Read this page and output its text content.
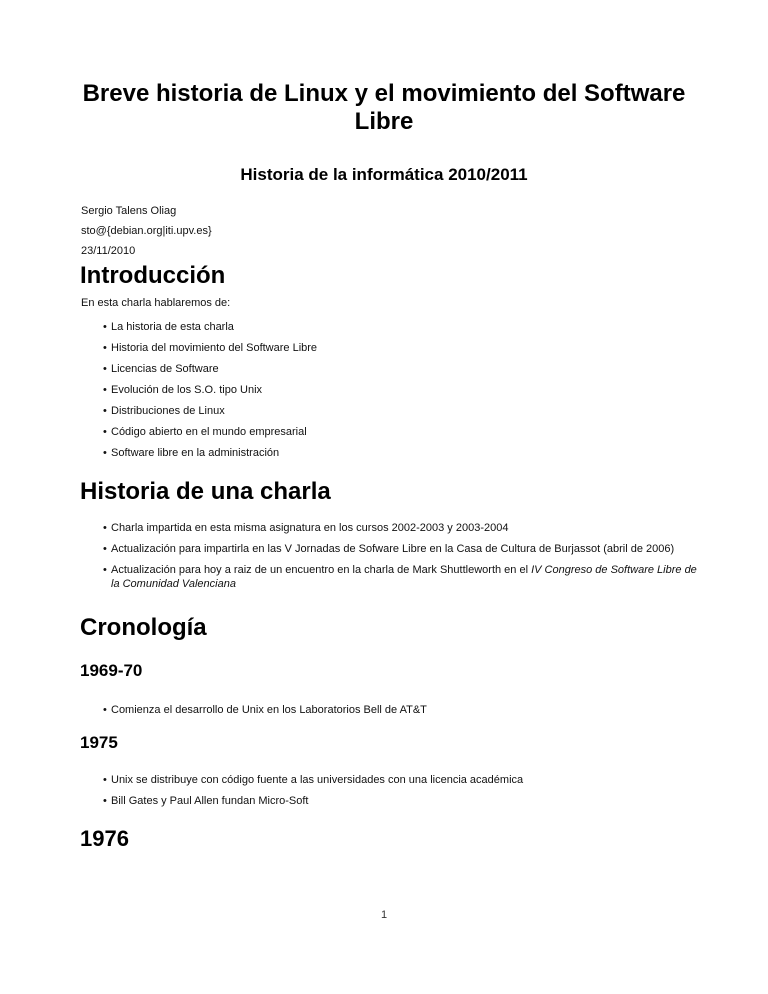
Breve historia de Linux y el movimiento del Software Libre
Historia de la informática 2010/2011
Sergio Talens Oliag
sto@{debian.org|iti.upv.es}
23/11/2010
Introducción
En esta charla hablaremos de:
• La historia de esta charla
• Historia del movimiento del Software Libre
• Licencias de Software
• Evolución de los S.O. tipo Unix
• Distribuciones de Linux
• Código abierto en el mundo empresarial
• Software libre en la administración
Historia de una charla
• Charla impartida en esta misma asignatura en los cursos 2002-2003 y 2003-2004
• Actualización para impartirla en las V Jornadas de Sofware Libre en la Casa de Cultura de Burjassot (abril de 2006)
• Actualización para hoy a raiz de un encuentro en la charla de Mark Shuttleworth en el IV Congreso de Software Libre de la Comunidad Valenciana
Cronología
1969-70
• Comienza el desarrollo de Unix en los Laboratorios Bell de AT&T
1975
• Unix se distribuye con código fuente a las universidades con una licencia académica
• Bill Gates y Paul Allen fundan Micro-Soft
1976
1
